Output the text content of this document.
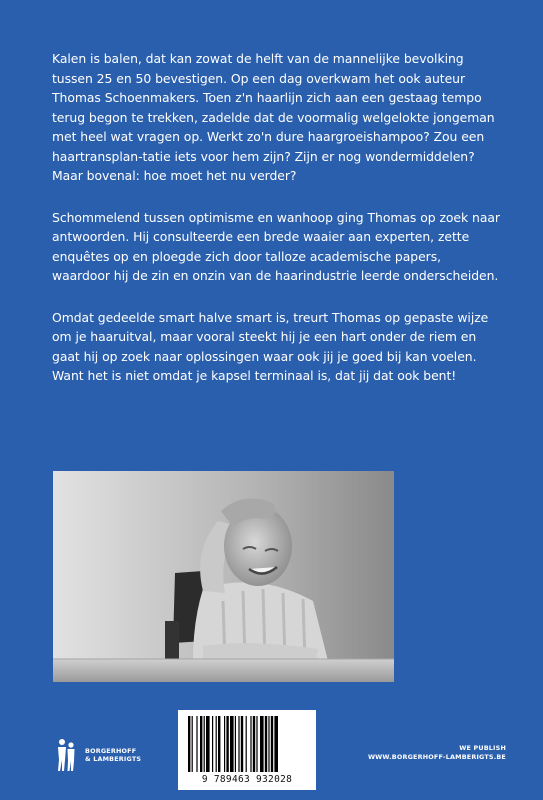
Kalen is balen, dat kan zowat de helft van de mannelijke bevolking tussen 25 en 50 bevestigen. Op een dag overkwam het ook auteur Thomas Schoenmakers. Toen z'n haarlijn zich aan een gestaag tempo terug begon te trekken, zadelde dat de voormalig welgelokte jongeman met heel wat vragen op. Werkt zo'n dure haargroeishampoo? Zou een haartransplan-tatie iets voor hem zijn? Zijn er nog wondermiddelen? Maar bovenal: hoe moet het nu verder?

Schommelend tussen optimisme en wanhoop ging Thomas op zoek naar antwoorden. Hij consulteerde een brede waaier aan experten, zette enquêtes op en ploegde zich door talloze academische papers, waardoor hij de zin en onzin van de haarindustrie leerde onderscheiden.

Omdat gedeelde smart halve smart is, treurt Thomas op gepaste wijze om je haaruitval, maar vooral steekt hij je een hart onder de riem en gaat hij op zoek naar oplossingen waar ook jij je goed bij kan voelen. Want het is niet omdat je kapsel terminaal is, dat jij dat ook bent!

9 789463 932028
BORGERHOFF
& LAMBERIGTS
WE PUBLISH
WWW.BORGERHOFF-LAMBERIGTS.BE
